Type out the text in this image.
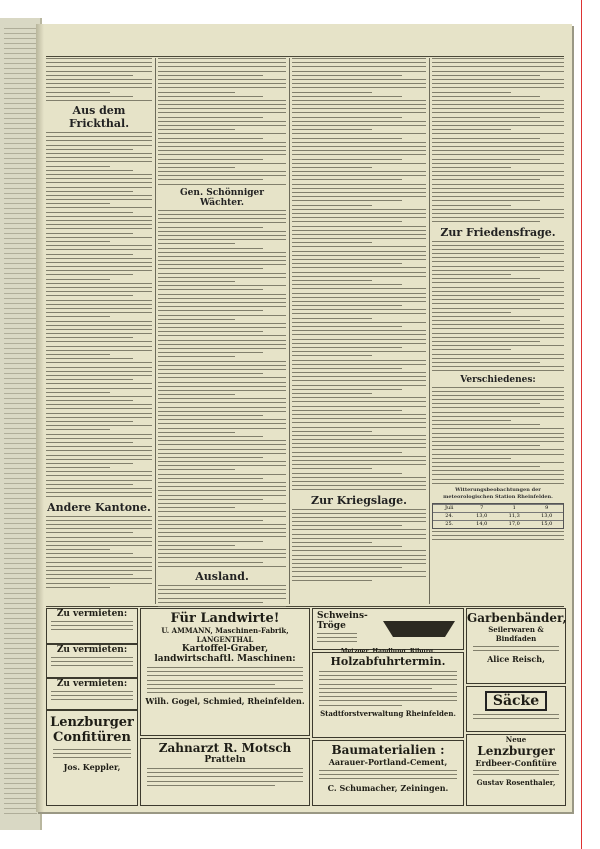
Aus dem Frickthal.
Andere Kantone.
Gen. Schönniger Wächter.
Ausland.
Zur Kriegslage.
Zur Friedensfrage.
Verschiedenes:
Witterungsbeobachtungen der meteorologischen Station Rheinfelden.
Juli	7	1	9
24.	13,0	11,3	13,0
25.	14,0	17,0	15,0
Zu vermieten:
Zu vermieten:
Zu vermieten:
Lenzburger
Confitüren
Jos. Keppler,
Für Landwirte!
U. AMMANN, Maschinen-Fabrik, LANGENTHAL
Kartoffel-Graber,
landwirtschaftl. Maschinen:
Wilh. Gogel, Schmied, Rheinfelden.
Zahnarzt R. Motsch
Pratteln
Schweins-Tröge
Holzabfuhrtermin.
Stadtforstverwaltung Rheinfelden.
Baumaterialien :
Aarauer-Portland-Cement,
C. Schumacher, Zeiningen.
Garbenbänder,
Seilerwaren & Bindfaden
Alice Reisch,
Säcke
Neue
Lenzburger
Erdbeer-Confitüre
Gustav Rosenthaler,
